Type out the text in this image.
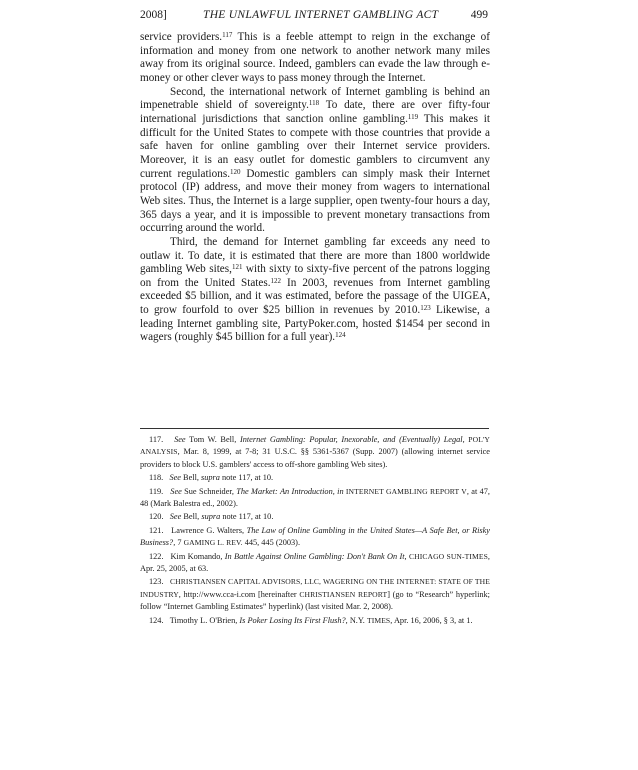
2008]	THE UNLAWFUL INTERNET GAMBLING ACT	499

service providers.$^{117}$ This is a feeble attempt to reign in the exchange of information and money from one network to another network many miles away from its original source. Indeed, gamblers can evade the law through e-money or other clever ways to pass money through the Internet.

Second, the international network of Internet gambling is behind an impenetrable shield of sovereignty.$^{118}$ To date, there are over fifty-four international jurisdictions that sanction online gambling.$^{119}$ This makes it difficult for the United States to compete with those countries that provide a safe haven for online gambling over their Internet service providers. Moreover, it is an easy outlet for domestic gamblers to circumvent any current regulations.$^{120}$ Domestic gamblers can simply mask their Internet protocol (IP) address, and move their money from wagers to international Web sites. Thus, the Internet is a large supplier, open twenty-four hours a day, 365 days a year, and it is impossible to prevent monetary transactions from occurring around the world.

Third, the demand for Internet gambling far exceeds any need to outlaw it. To date, it is estimated that there are more than 1800 worldwide gambling Web sites,$^{121}$ with sixty to sixty-five percent of the patrons logging on from the United States.$^{122}$ In 2003, revenues from Internet gambling exceeded $5 billion, and it was estimated, before the passage of the UIGEA, to grow fourfold to over $25 billion in revenues by 2010.$^{123}$ Likewise, a leading Internet gambling site, PartyPoker.com, hosted $1454 per second in wagers (roughly $45 billion for a full year).$^{124}$

117. See Tom W. Bell, Internet Gambling: Popular, Inexorable, and (Eventually) Legal, POL'Y ANALYSIS, Mar. 8, 1999, at 7-8; 31 U.S.C. §§ 5361-5367 (Supp. 2007) (allowing internet service providers to block U.S. gamblers' access to off-shore gambling Web sites).

118. See Bell, supra note 117, at 10.

119. See Sue Schneider, The Market: An Introduction, in INTERNET GAMBLING REPORT V, at 47, 48 (Mark Balestra ed., 2002).

120. See Bell, supra note 117, at 10.

121. Lawrence G. Walters, The Law of Online Gambling in the United States—A Safe Bet, or Risky Business?, 7 GAMING L. REV. 445, 445 (2003).

122. Kim Komando, In Battle Against Online Gambling: Don't Bank On It, CHICAGO SUN-TIMES, Apr. 25, 2005, at 63.

123. CHRISTIANSEN CAPITAL ADVISORS, LLC, WAGERING ON THE INTERNET: STATE OF THE INDUSTRY, http://www.cca-i.com [hereinafter CHRISTIANSEN REPORT] (go to “Research” hyperlink; follow “Internet Gambling Estimates” hyperlink) (last visited Mar. 2, 2008).

124. Timothy L. O'Brien, Is Poker Losing Its First Flush?, N.Y. TIMES, Apr. 16, 2006, § 3, at 1.
